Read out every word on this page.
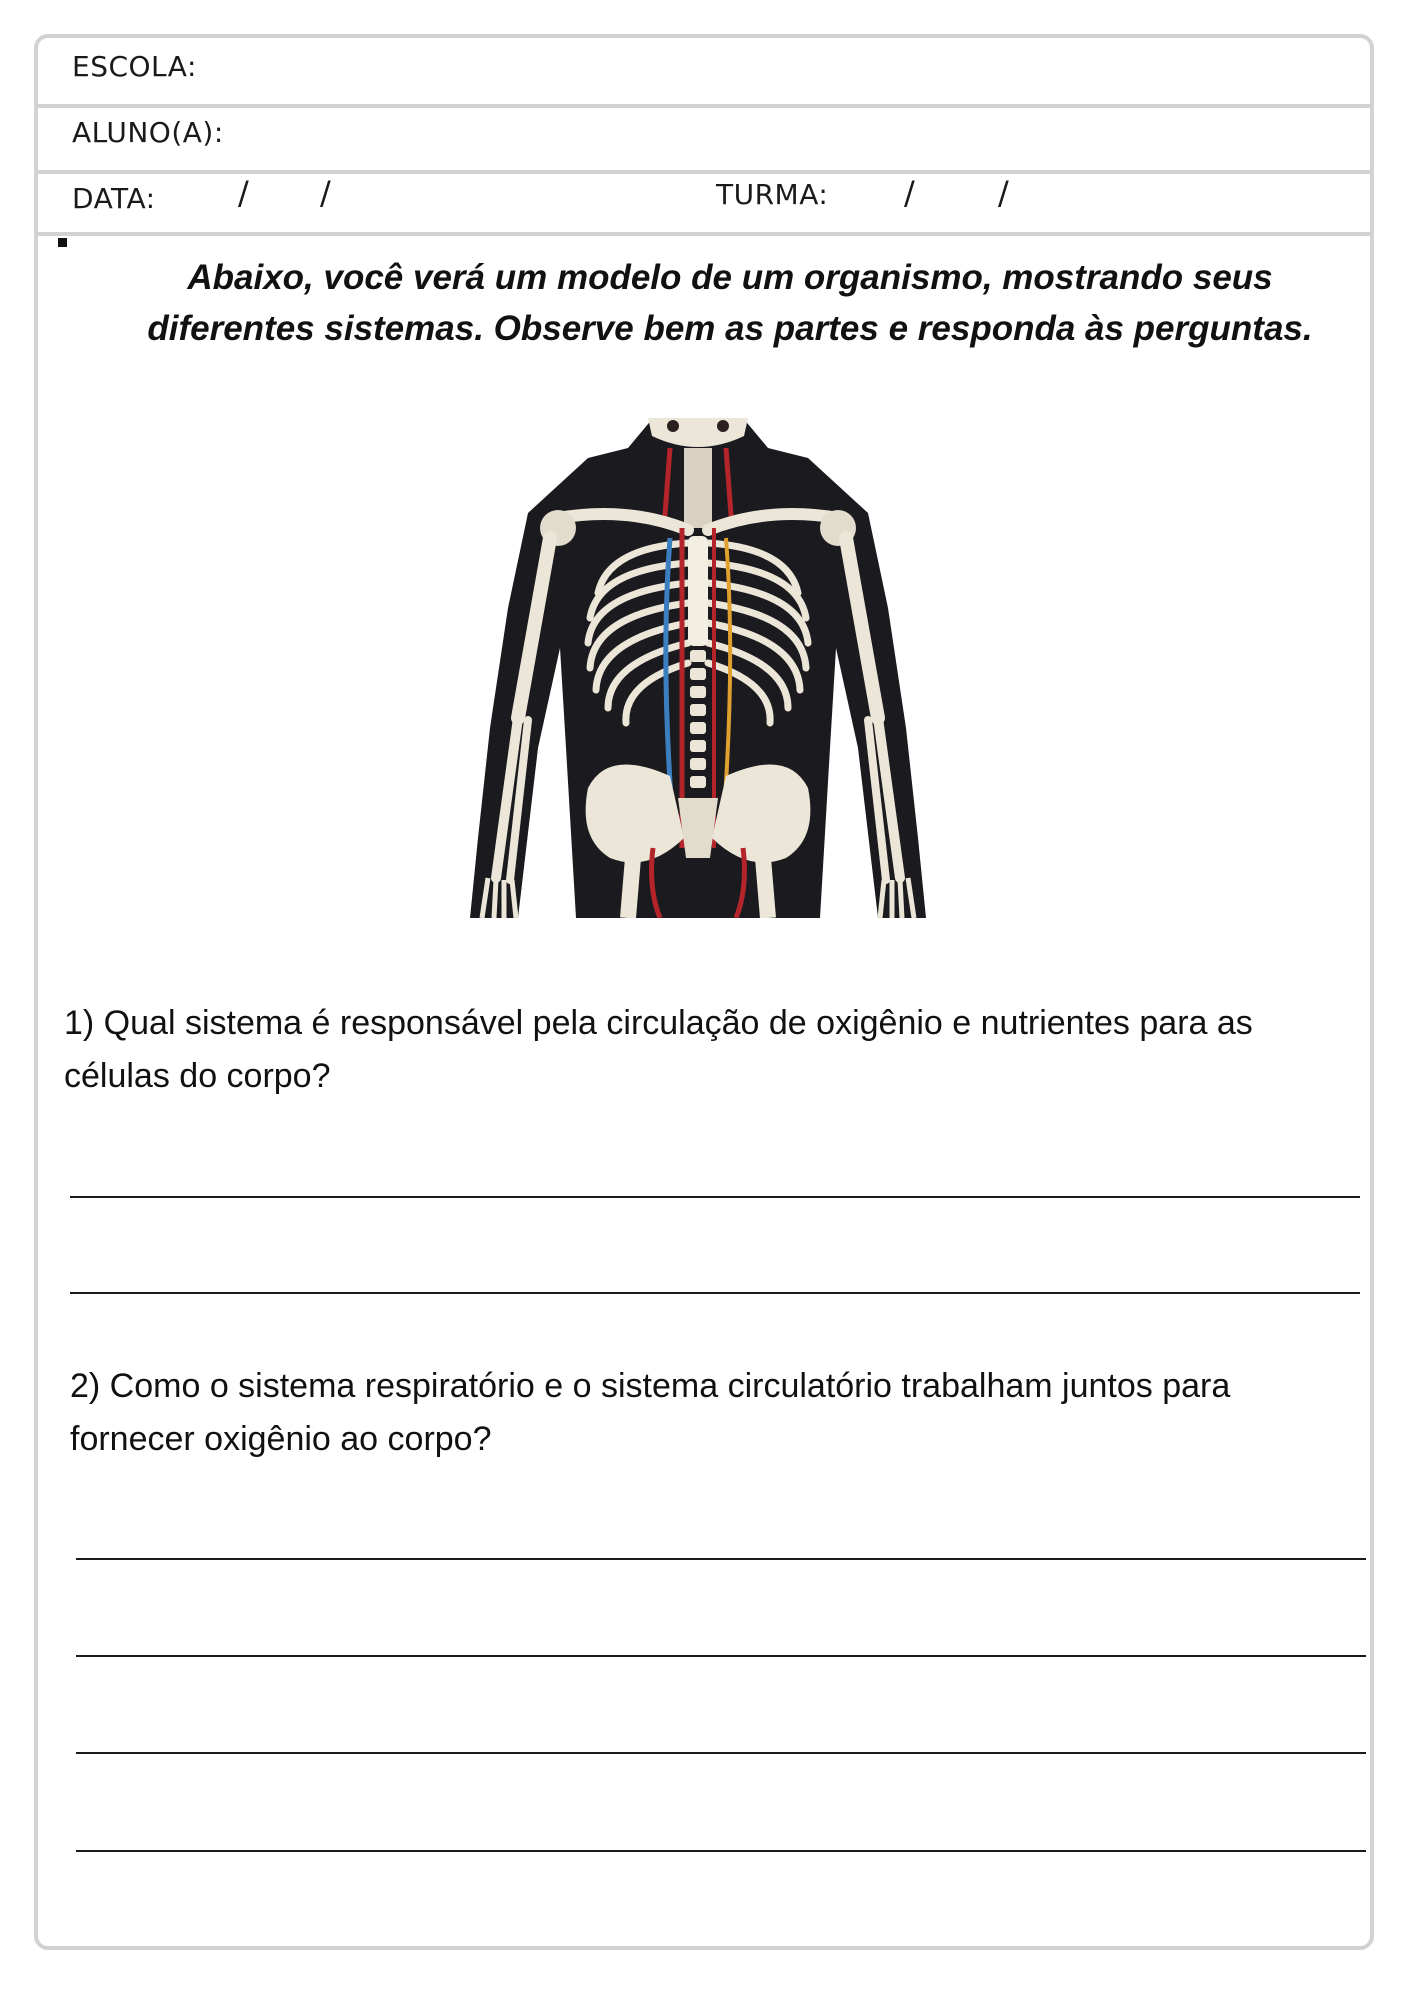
ESCOLA:
ALUNO(A):
DATA:	/ /	TURMA: /	/
Abaixo, você verá um modelo de um organismo, mostrando seus diferentes sistemas. Observe bem as partes e responda às perguntas.
1) Qual sistema é responsável pela circulação de oxigênio e nutrientes para as células do corpo?
2) Como o sistema respiratório e o sistema circulatório trabalham juntos para fornecer oxigênio ao corpo?
